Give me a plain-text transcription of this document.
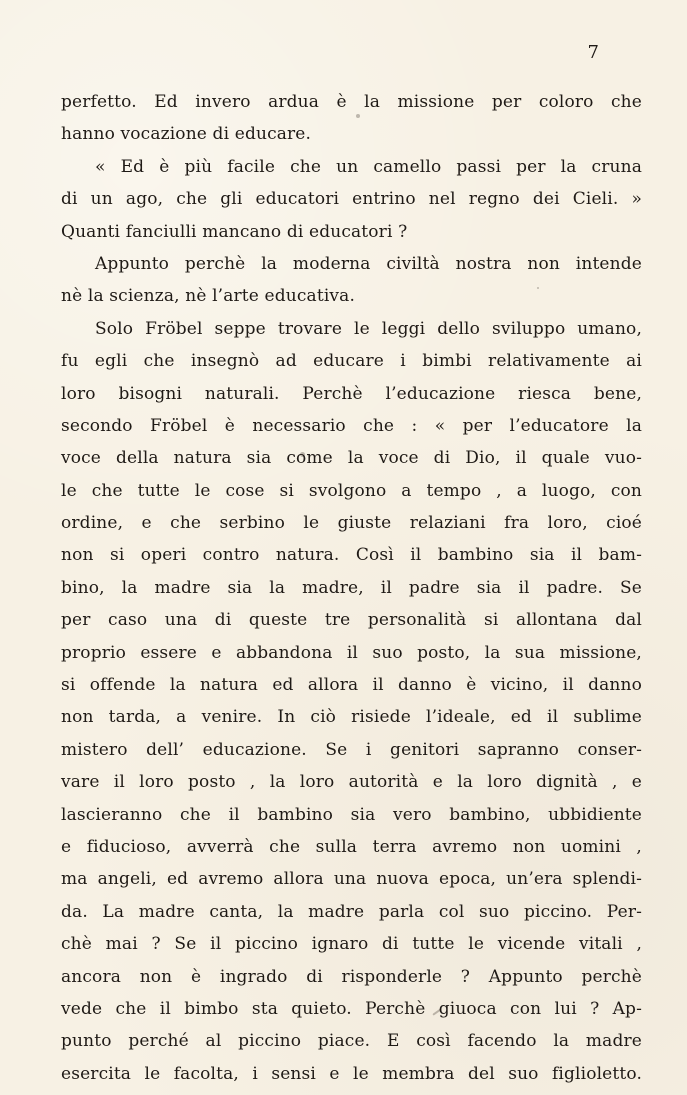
7
perfetto. Ed invero ardua è la missione per coloro che
hanno vocazione di educare.
« Ed è più facile che un camello passi per la cruna
di un ago, che gli educatori entrino nel regno dei Cieli. »
Quanti fanciulli mancano di educatori ?
Appunto perchè la moderna civiltà nostra non intende
nè la scienza, nè l’arte educativa.
Solo Fröbel seppe trovare le leggi dello sviluppo umano,
fu egli che insegnò ad educare i bimbi relativamente ai
loro bisogni naturali. Perchè l’educazione riesca bene,
secondo Fröbel è necessario che : « per l’educatore la
voce della natura sia come la voce di Dio, il quale vuo-
le che tutte le cose si svolgono a tempo , a luogo, con
ordine, e che serbino le giuste relaziani fra loro, cioé
non si operi contro natura. Così il bambino sia il bam-
bino, la madre sia la madre, il padre sia il padre. Se
per caso una di queste tre personalità si allontana dal
proprio essere e abbandona il suo posto, la sua missione,
si offende la natura ed allora il danno è vicino, il danno
non tarda, a venire. In ciò risiede l’ideale, ed il sublime
mistero dell’ educazione. Se i genitori sapranno conser-
vare il loro posto , la loro autorità e la loro dignità , e
lascieranno che il bambino sia vero bambino, ubbidiente
e fiducioso, avverrà che sulla terra avremo non uomini ,
ma angeli, ed avremo allora una nuova epoca, un’era splendi-
da. La madre canta, la madre parla col suo piccino. Per-
chè mai ? Se il piccino ignaro di tutte le vicende vitali ,
ancora non è ingrado di risponderle ? Appunto perchè
vede che il bimbo sta quieto. Perchè giuoca con lui ? Ap-
punto perché al piccino piace. E così facendo la madre
esercita le facolta, i sensi e le membra del suo figlioletto.
